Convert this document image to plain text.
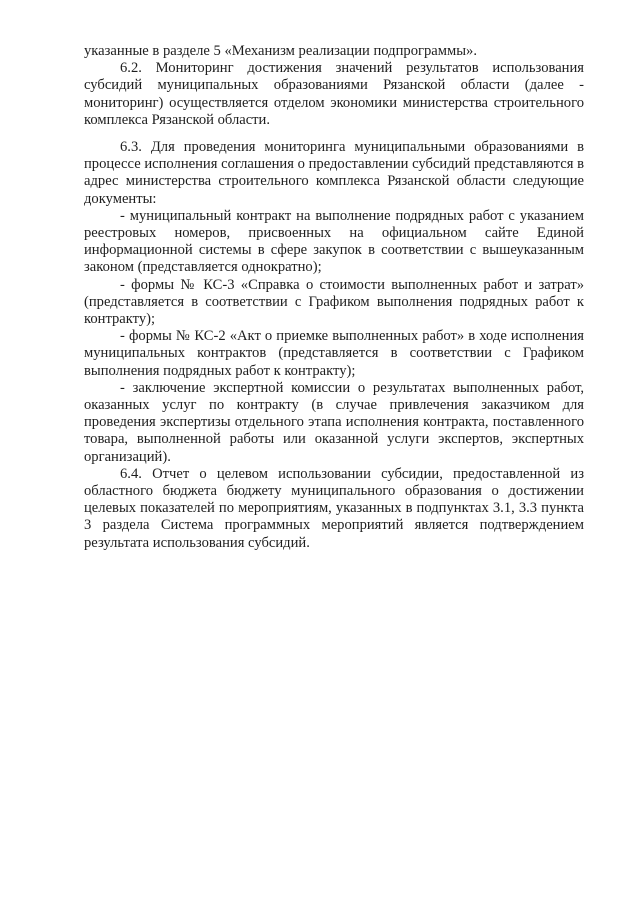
указанные в разделе 5 «Механизм реализации подпрограммы».

6.2. Мониторинг достижения значений результатов использования субсидий муниципальных образованиями Рязанской области (далее - мониторинг) осуществляется отделом экономики министерства строительного комплекса Рязанской области.

6.3. Для проведения мониторинга муниципальными образованиями в процессе исполнения соглашения о предоставлении субсидий представляются в адрес министерства строительного комплекса Рязанской области следующие документы:

- муниципальный контракт на выполнение подрядных работ с указанием реестровых номеров, присвоенных на официальном сайте Единой информационной системы в сфере закупок в соответствии с вышеуказанным законом (представляется однократно);

- формы № КС-3 «Справка о стоимости выполненных работ и затрат» (представляется в соответствии с Графиком выполнения подрядных работ к контракту);

- формы № КС-2 «Акт о приемке выполненных работ» в ходе исполнения муниципальных контрактов (представляется в соответствии с Графиком выполнения подрядных работ к контракту);

- заключение экспертной комиссии о результатах выполненных работ, оказанных услуг по контракту (в случае привлечения заказчиком для проведения экспертизы отдельного этапа исполнения контракта, поставленного товара, выполненной работы или оказанной услуги экспертов, экспертных организаций).

6.4. Отчет о целевом использовании субсидии, предоставленной из областного бюджета бюджету муниципального образования о достижении целевых показателей по мероприятиям, указанных в подпунктах 3.1, 3.3 пункта 3 раздела Система программных мероприятий является подтверждением результата использования субсидий.
